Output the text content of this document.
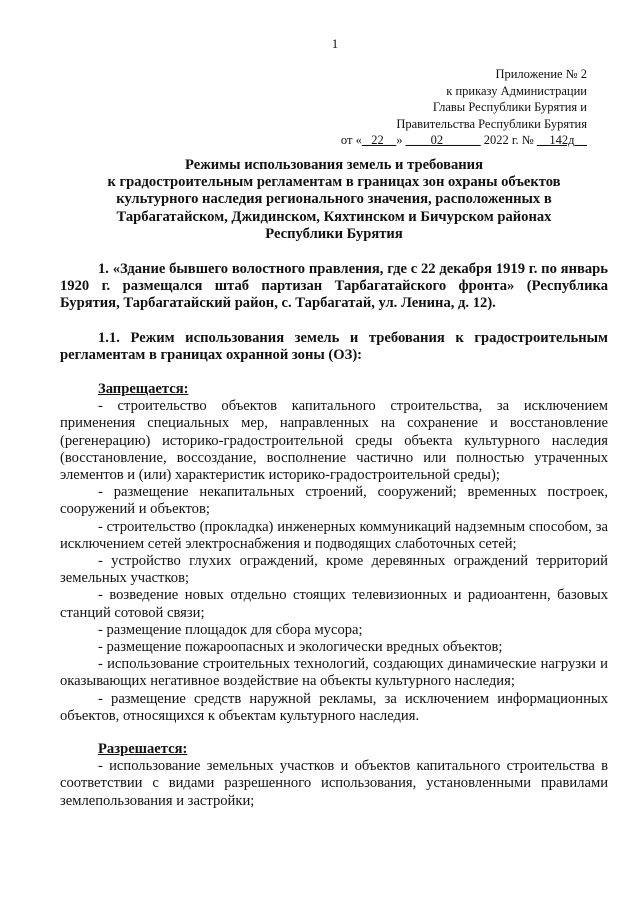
1
Приложение № 2
к приказу Администрации
Главы Республики Бурятия и
Правительства Республики Бурятия
от « _22__» ____02______ 2022 г. № __142д__
Режимы использования земель и требования
к градостроительным регламентам в границах зон охраны объектов
культурного наследия регионального значения, расположенных в
Тарбагатайском, Джидинском, Кяхтинском и Бичурском районах
Республики Бурятия

1. «Здание бывшего волостного правления, где с 22 декабря 1919 г. по январь 1920 г. размещался штаб партизан Тарбагатайского фронта» (Республика Бурятия, Тарбагатайский район, с. Тарбагатай, ул. Ленина, д. 12).

1.1. Режим использования земель и требования к градостроительным регламентам в границах охранной зоны (ОЗ):

Запрещается:

- строительство объектов капитального строительства, за исключением применения специальных мер, направленных на сохранение и восстановление (регенерацию) историко-градостроительной среды объекта культурного наследия (восстановление, воссоздание, восполнение частично или полностью утраченных элементов и (или) характеристик историко-градостроительной среды);

- размещение некапитальных строений, сооружений; временных построек, сооружений и объектов;

- строительство (прокладка) инженерных коммуникаций надземным способом, за исключением сетей электроснабжения и подводящих слаботочных сетей;

- устройство глухих ограждений, кроме деревянных ограждений территорий земельных участков;

- возведение новых отдельно стоящих телевизионных и радиоантенн, базовых станций сотовой связи;

- размещение площадок для сбора мусора;

- размещение пожароопасных и экологически вредных объектов;

- использование строительных технологий, создающих динамические нагрузки и оказывающих негативное воздействие на объекты культурного наследия;

- размещение средств наружной рекламы, за исключением информационных объектов, относящихся к объектам культурного наследия.

Разрешается:

- использование земельных участков и объектов капитального строительства в соответствии с видами разрешенного использования, установленными правилами землепользования и застройки;
